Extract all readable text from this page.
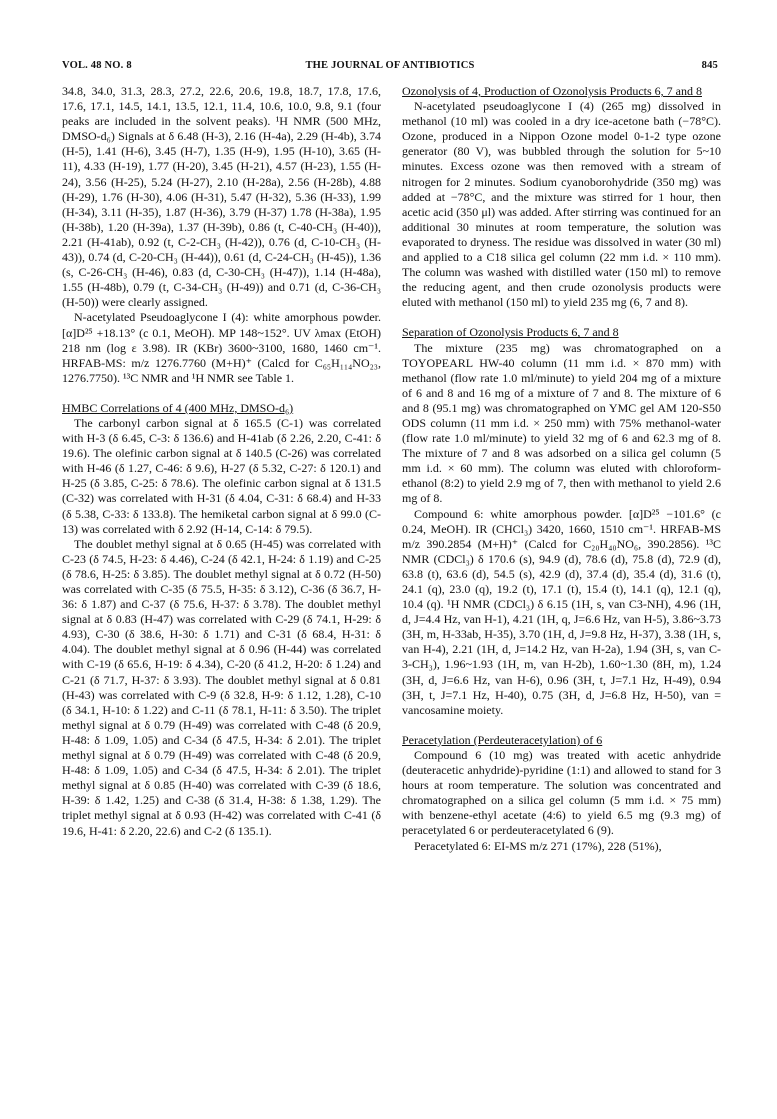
VOL. 48 NO. 8	THE JOURNAL OF ANTIBIOTICS	845

34.8, 34.0, 31.3, 28.3, 27.2, 22.6, 20.6, 19.8, 18.7, 17.8, 17.6, 17.6, 17.1, 14.5, 14.1, 13.5, 12.1, 11.4, 10.6, 10.0, 9.8, 9.1 (four peaks are included in the solvent peaks). ¹H NMR (500 MHz, DMSO-d₆) Signals at δ 6.48 (H-3), 2.16 (H-4a), 2.29 (H-4b), 3.74 (H-5), 1.41 (H-6), 3.45 (H-7), 1.35 (H-9), 1.95 (H-10), 3.65 (H-11), 4.33 (H-19), 1.77 (H-20), 3.45 (H-21), 4.57 (H-23), 1.55 (H-24), 3.56 (H-25), 5.24 (H-27), 2.10 (H-28a), 2.56 (H-28b), 4.88 (H-29), 1.76 (H-30), 4.06 (H-31), 5.47 (H-32), 5.36 (H-33), 1.99 (H-34), 3.11 (H-35), 1.87 (H-36), 3.79 (H-37) 1.78 (H-38a), 1.95 (H-38b), 1.20 (H-39a), 1.37 (H-39b), 0.86 (t, C-40-CH₃ (H-40)), 2.21 (H-41ab), 0.92 (t, C-2-CH₃ (H-42)), 0.76 (d, C-10-CH₃ (H-43)), 0.74 (d, C-20-CH₃ (H-44)), 0.61 (d, C-24-CH₃ (H-45)), 1.36 (s, C-26-CH₃ (H-46), 0.83 (d, C-30-CH₃ (H-47)), 1.14 (H-48a), 1.55 (H-48b), 0.79 (t, C-34-CH₃ (H-49)) and 0.71 (d, C-36-CH₃ (H-50)) were clearly assigned.

N-acetylated Pseudoaglycone I (4): white amorphous powder. [α]D²⁵ +18.13° (c 0.1, MeOH). MP 148~152°. UV λmax (EtOH) 218 nm (log ε 3.98). IR (KBr) 3600~3100, 1680, 1460 cm⁻¹. HRFAB-MS: m/z 1276.7760 (M+H)⁺ (Calcd for C₆₅H₁₁₄NO₂₃, 1276.7750). ¹³C NMR and ¹H NMR see Table 1.

HMBC Correlations of 4 (400 MHz, DMSO-d₆)

The carbonyl carbon signal at δ 165.5 (C-1) was correlated with H-3 (δ 6.45, C-3: δ 136.6) and H-41ab (δ 2.26, 2.20, C-41: δ 19.6). The olefinic carbon signal at δ 140.5 (C-26) was correlated with H-46 (δ 1.27, C-46: δ 9.6), H-27 (δ 5.32, C-27: δ 120.1) and H-25 (δ 3.85, C-25: δ 78.6). The olefinic carbon signal at δ 131.5 (C-32) was correlated with H-31 (δ 4.04, C-31: δ 68.4) and H-33 (δ 5.38, C-33: δ 133.8). The hemiketal carbon signal at δ 99.0 (C-13) was correlated with δ 2.92 (H-14, C-14: δ 79.5).

The doublet methyl signal at δ 0.65 (H-45) was correlated with C-23 (δ 74.5, H-23: δ 4.46), C-24 (δ 42.1, H-24: δ 1.19) and C-25 (δ 78.6, H-25: δ 3.85). The doublet methyl signal at δ 0.72 (H-50) was correlated with C-35 (δ 75.5, H-35: δ 3.12), C-36 (δ 36.7, H-36: δ 1.87) and C-37 (δ 75.6, H-37: δ 3.78). The doublet methyl signal at δ 0.83 (H-47) was correlated with C-29 (δ 74.1, H-29: δ 4.93), C-30 (δ 38.6, H-30: δ 1.71) and C-31 (δ 68.4, H-31: δ 4.04). The doublet methyl signal at δ 0.96 (H-44) was correlated with C-19 (δ 65.6, H-19: δ 4.34), C-20 (δ 41.2, H-20: δ 1.24) and C-21 (δ 71.7, H-37: δ 3.93). The doublet methyl signal at δ 0.81 (H-43) was correlated with C-9 (δ 32.8, H-9: δ 1.12, 1.28), C-10 (δ 34.1, H-10: δ 1.22) and C-11 (δ 78.1, H-11: δ 3.50). The triplet methyl signal at δ 0.79 (H-49) was correlated with C-48 (δ 20.9, H-48: δ 1.09, 1.05) and C-34 (δ 47.5, H-34: δ 2.01). The triplet methyl signal at δ 0.79 (H-49) was correlated with C-48 (δ 20.9, H-48: δ 1.09, 1.05) and C-34 (δ 47.5, H-34: δ 2.01). The triplet methyl signal at δ 0.85 (H-40) was correlated with C-39 (δ 18.6, H-39: δ 1.42, 1.25) and C-38 (δ 31.4, H-38: δ 1.38, 1.29). The triplet methyl signal at δ 0.93 (H-42) was correlated with C-41 (δ 19.6, H-41: δ 2.20, 22.6) and C-2 (δ 135.1).

Ozonolysis of 4, Production of Ozonolysis Products 6, 7 and 8

N-acetylated pseudoaglycone I (4) (265 mg) dissolved in methanol (10 ml) was cooled in a dry ice-acetone bath (−78°C). Ozone, produced in a Nippon Ozone model 0-1-2 type ozone generator (80 V), was bubbled through the solution for 5~10 minutes. Excess ozone was then removed with a stream of nitrogen for 2 minutes. Sodium cyanoborohydride (350 mg) was added at −78°C, and the mixture was stirred for 1 hour, then acetic acid (350 μl) was added. After stirring was continued for an additional 30 minutes at room temperature, the solution was evaporated to dryness. The residue was dissolved in water (30 ml) and applied to a C18 silica gel column (22 mm i.d. × 110 mm). The column was washed with distilled water (150 ml) to remove the reducing agent, and then crude ozonolysis products were eluted with methanol (150 ml) to yield 235 mg (6, 7 and 8).

Separation of Ozonolysis Products 6, 7 and 8

The mixture (235 mg) was chromatographed on a TOYOPEARL HW-40 column (11 mm i.d. × 870 mm) with methanol (flow rate 1.0 ml/minute) to yield 204 mg of a mixture of 6 and 8 and 16 mg of a mixture of 7 and 8. The mixture of 6 and 8 (95.1 mg) was chromatographed on YMC gel AM 120-S50 ODS column (11 mm i.d. × 250 mm) with 75% methanol-water (flow rate 1.0 ml/minute) to yield 32 mg of 6 and 62.3 mg of 8. The mixture of 7 and 8 was adsorbed on a silica gel column (5 mm i.d. × 60 mm). The column was eluted with chloroform-ethanol (8:2) to yield 2.9 mg of 7, then with methanol to yield 2.6 mg of 8.

Compound 6: white amorphous powder. [α]D²⁵ −101.6° (c 0.24, MeOH). IR (CHCl₃) 3420, 1660, 1510 cm⁻¹. HRFAB-MS m/z 390.2854 (M+H)⁺ (Calcd for C₂₀H₄₀NO₆, 390.2856). ¹³C NMR (CDCl₃) δ 170.6 (s), 94.9 (d), 78.6 (d), 75.8 (d), 72.9 (d), 63.8 (t), 63.6 (d), 54.5 (s), 42.9 (d), 37.4 (d), 35.4 (d), 31.6 (t), 24.1 (q), 23.0 (q), 19.2 (t), 17.1 (t), 15.4 (t), 14.1 (q), 12.1 (q), 10.4 (q). ¹H NMR (CDCl₃) δ 6.15 (1H, s, van C3-NH), 4.96 (1H, d, J=4.4 Hz, van H-1), 4.21 (1H, q, J=6.6 Hz, van H-5), 3.86~3.73 (3H, m, H-33ab, H-35), 3.70 (1H, d, J=9.8 Hz, H-37), 3.38 (1H, s, van H-4), 2.21 (1H, d, J=14.2 Hz, van H-2a), 1.94 (3H, s, van C-3-CH₃), 1.96~1.93 (1H, m, van H-2b), 1.60~1.30 (8H, m), 1.24 (3H, d, J=6.6 Hz, van H-6), 0.96 (3H, t, J=7.1 Hz, H-49), 0.94 (3H, t, J=7.1 Hz, H-40), 0.75 (3H, d, J=6.8 Hz, H-50), van = vancosamine moiety.

Peracetylation (Perdeuteracetylation) of 6

Compound 6 (10 mg) was treated with acetic anhydride (deuteracetic anhydride)-pyridine (1:1) and allowed to stand for 3 hours at room temperature. The solution was concentrated and chromatographed on a silica gel column (5 mm i.d. × 75 mm) with benzene-ethyl acetate (4:6) to yield 6.5 mg (9.3 mg) of peracetylated 6 or perdeuteracetylated 6 (9).

Peracetylated 6: EI-MS m/z 271 (17%), 228 (51%),
